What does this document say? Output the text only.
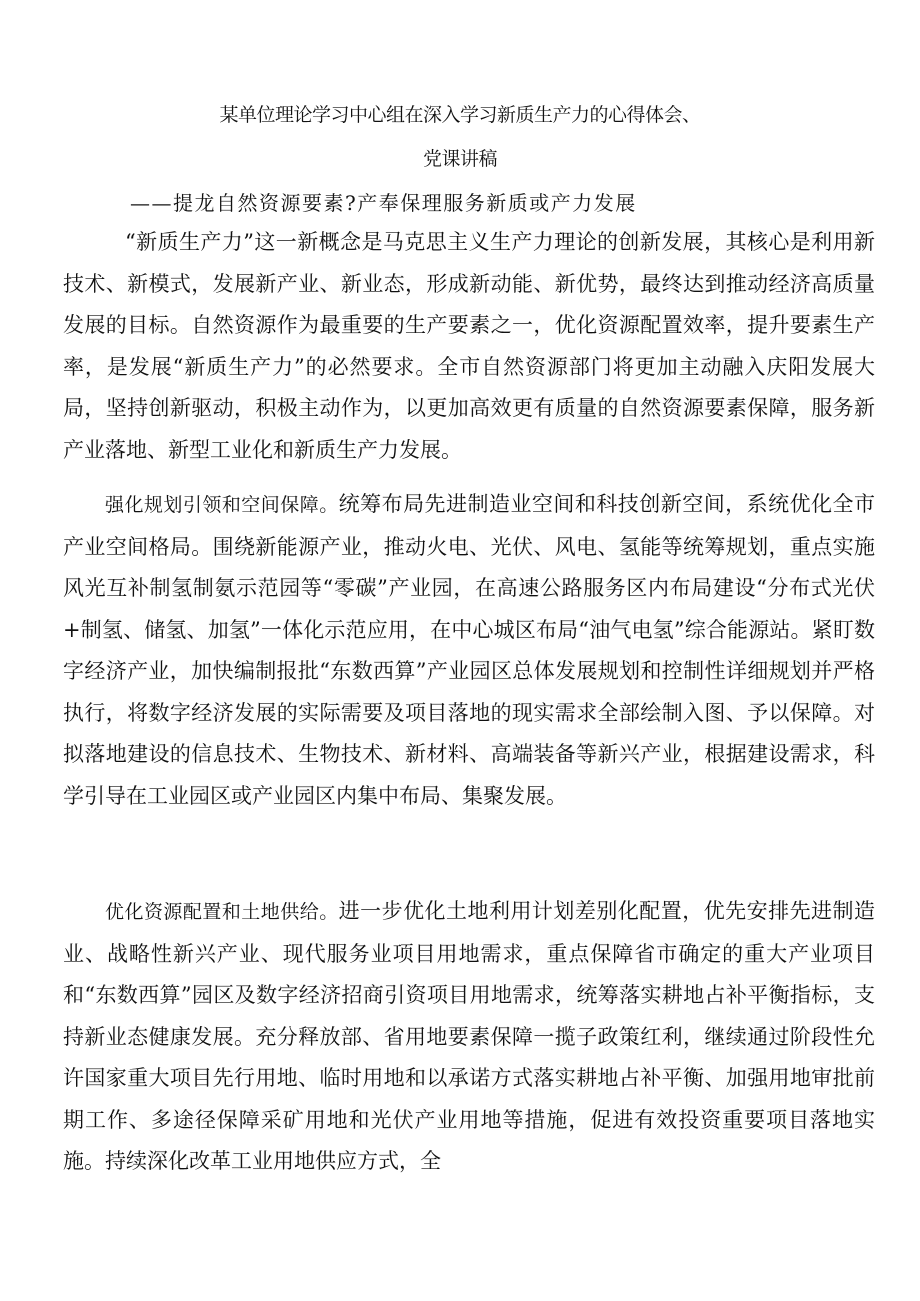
某单位理论学习中心组在深入学习新质生产力的心得体会、
党课讲稿
——提龙自然资源要素?产奉保理服务新质或产力发展
“新质生产力”这一新概念是马克思主义生产力理论的创新发展，其核心是利用新技术、新模式，发展新产业、新业态，形成新动能、新优势，最终达到推动经济高质量发展的目标。自然资源作为最重要的生产要素之一，优化资源配置效率，提升要素生产率，是发展“新质生产力”的必然要求。全市自然资源部门将更加主动融入庆阳发展大局，坚持创新驱动，积极主动作为，以更加高效更有质量的自然资源要素保障，服务新产业落地、新型工业化和新质生产力发展。
强化规划引领和空间保障。统筹布局先进制造业空间和科技创新空间，系统优化全市产业空间格局。围绕新能源产业，推动火电、光伏、风电、氢能等统筹规划，重点实施风光互补制氢制氨示范园等“零碳”产业园，在高速公路服务区内布局建设“分布式光伏+制氢、储氢、加氢”一体化示范应用，在中心城区布局“油气电氢”综合能源站。紧盯数字经济产业，加快编制报批“东数西算”产业园区总体发展规划和控制性详细规划并严格执行，将数字经济发展的实际需要及项目落地的现实需求全部绘制入图、予以保障。对拟落地建设的信息技术、生物技术、新材料、高端装备等新兴产业，根据建设需求，科学引导在工业园区或产业园区内集中布局、集聚发展。
优化资源配置和土地供给。进一步优化土地利用计划差别化配置，优先安排先进制造业、战略性新兴产业、现代服务业项目用地需求，重点保障省市确定的重大产业项目和“东数西算”园区及数字经济招商引资项目用地需求，统筹落实耕地占补平衡指标，支持新业态健康发展。充分释放部、省用地要素保障一揽子政策红利，继续通过阶段性允许国家重大项目先行用地、临时用地和以承诺方式落实耕地占补平衡、加强用地审批前期工作、多途径保障采矿用地和光伏产业用地等措施，促进有效投资重要项目落地实施。持续深化改革工业用地供应方式，全
